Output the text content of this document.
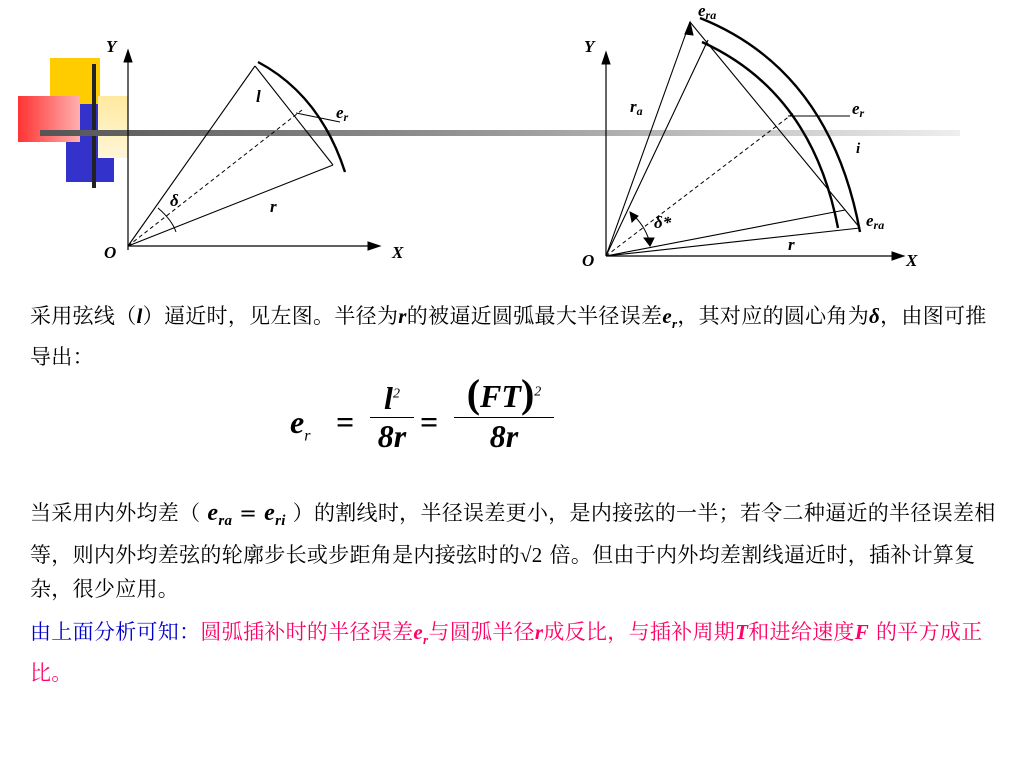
Y
X
O
l
$e_r$
r
δ
Y
X
O
$r_a$
$e_{ra}$
$e_r$
i
$e_{ra}$
r
δ*
采用弦线（l）逼近时，见左图。半径为r的被逼近圆弧最大半径误差$e_r$，其对应的圆心角为δ，由图可推导出：
$e_r$ =
$l^2$
8r =
(FT)$^2$
8r
当采用内外均差（ $e_{ra} = e_{ri}$ ）的割线时，半径误差更小，是内接弦的一半；若令二种逼近的半径误差相等，则内外均差弦的轮廓步长或步距角是内接弦时的√2 倍。但由于内外均差割线逼近时，插补计算复杂，很少应用。
由上面分析可知：圆弧插补时的半径误差$e_r$与圆弧半径r成反比，与插补周期T和进给速度F 的平方成正比。
